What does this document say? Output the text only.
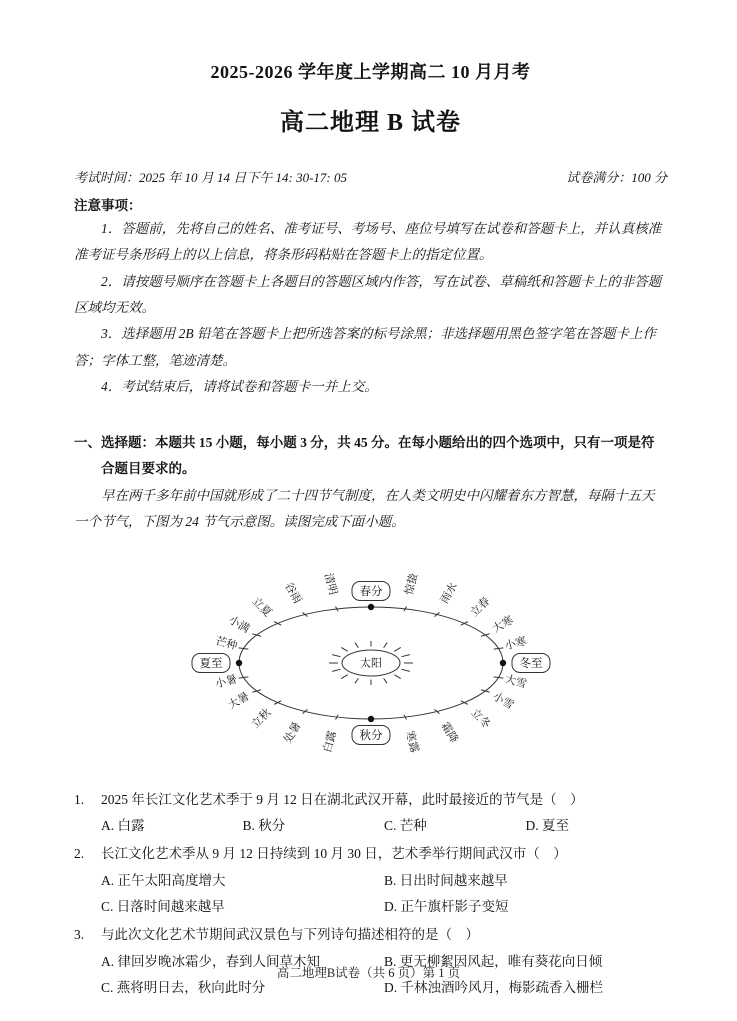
2025-2026 学年度上学期高二 10 月月考
高二地理 B 试卷
考试时间：2025 年 10 月 14 日下午 14: 30-17: 05	试卷满分：100 分
注意事项：

1．答题前，先将自己的姓名、准考证号、考场号、座位号填写在试卷和答题卡上，并认真核准准考证号条形码上的以上信息，将条形码粘贴在答题卡上的指定位置。

2．请按题号顺序在答题卡上各题目的答题区域内作答，写在试卷、草稿纸和答题卡上的非答题区域均无效。

3．选择题用 2B 铅笔在答题卡上把所选答案的标号涂黑；非选择题用黑色签字笔在答题卡上作答；字体工整，笔迹清楚。

4．考试结束后，请将试卷和答题卡一并上交。

一、选择题：本题共 15 小题，每小题 3 分，共 45 分。在每小题给出的四个选项中，只有一项是符合题目要求的。

早在两千多年前中国就形成了二十四节气制度，在人类文明史中闪耀着东方智慧，每隔十五天一个节气，下图为 24 节气示意图。读图完成下面小题。

太阳
春分 惊蛰 雨水
立春
大寒
小寒
冬至
大雪
小雪
立冬
霜降
寒露
秋分
白露
处暑
立秋
大暑
小暑
夏至
芒种
小满
立夏
谷雨 清明
1. 2025 年长江文化艺术季于 9 月 12 日在湖北武汉开幕，此时最接近的节气是（　）
A. 白露	B. 秋分	C. 芒种	D. 夏至
2. 长江文化艺术季从 9 月 12 日持续到 10 月 30 日，艺术季举行期间武汉市（　）
A. 正午太阳高度增大	B. 日出时间越来越早
C. 日落时间越来越早	D. 正午旗杆影子变短
3. 与此次文化艺术节期间武汉景色与下列诗句描述相符的是（　）
A. 律回岁晚冰霜少，春到人间草木知	B. 更无柳絮因风起，唯有葵花向日倾
C. 燕将明日去，秋向此时分	D. 千林浊酒吟风月，梅影疏香入栅栏
高二地理B试卷（共 6 页）第 1 页
